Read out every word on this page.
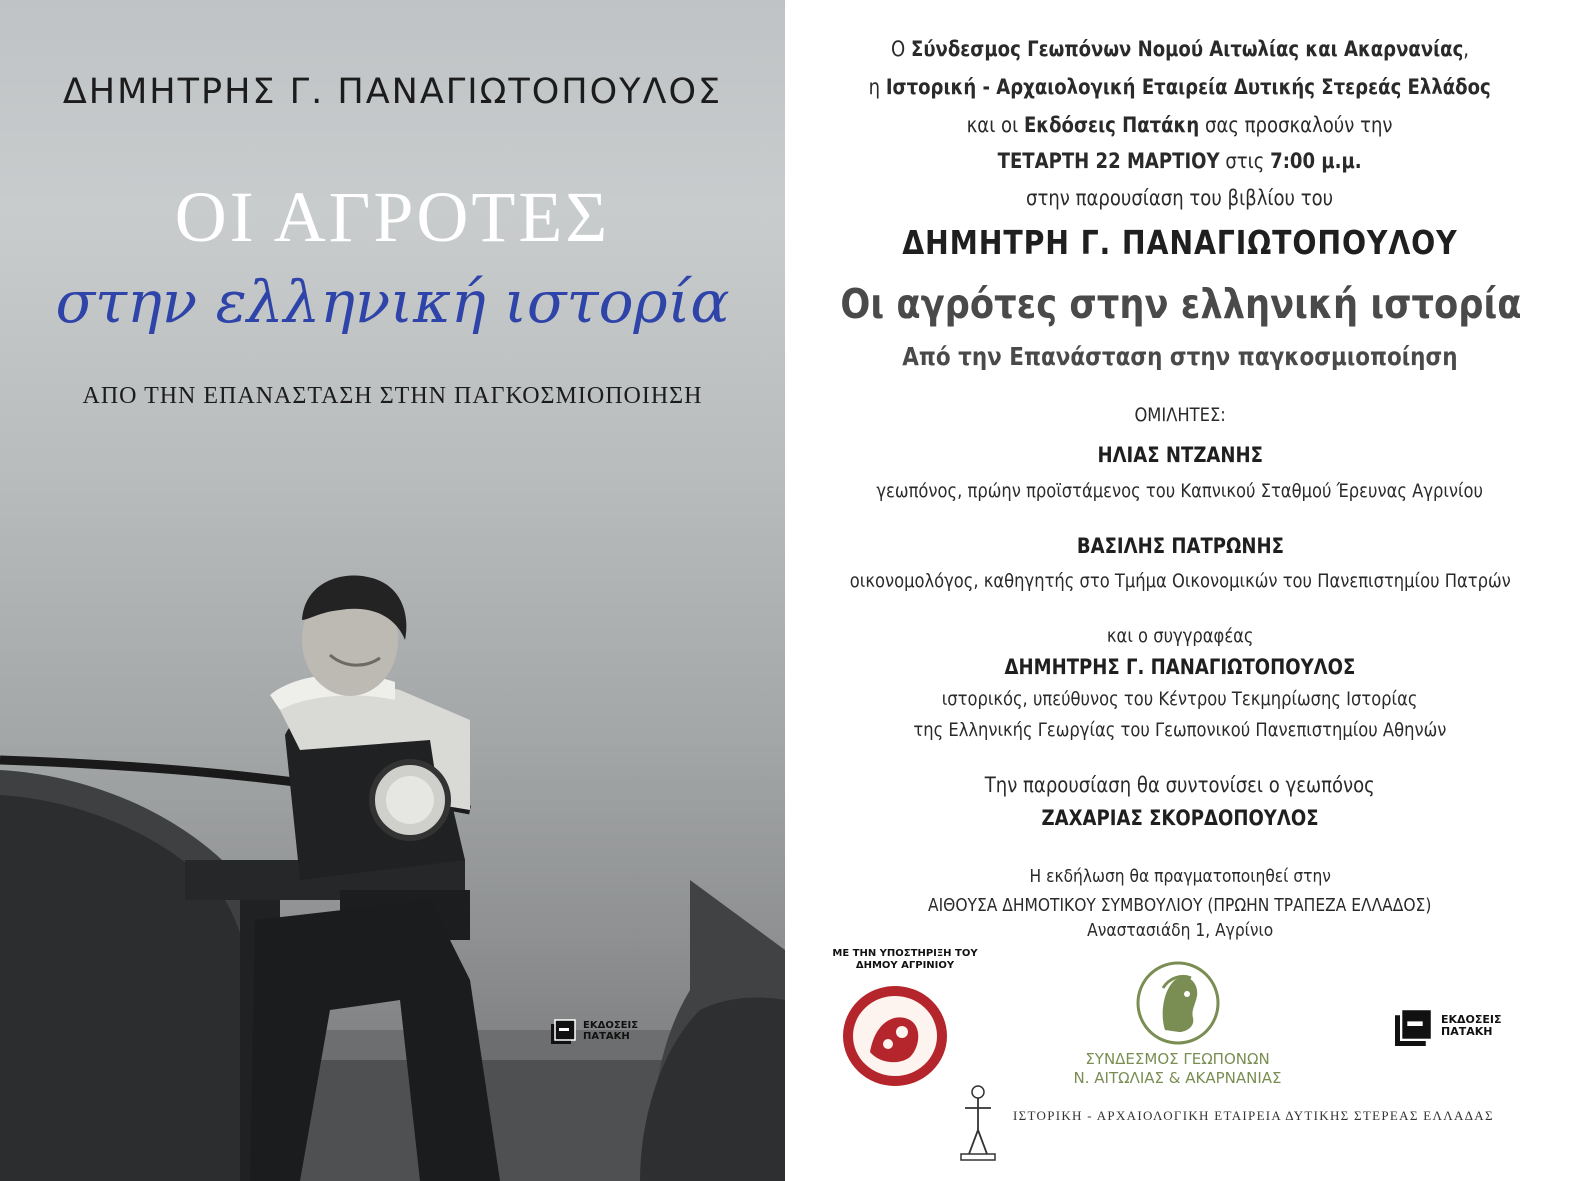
ΔΗΜΗΤΡΗΣ Γ. ΠΑΝΑΓΙΩΤΟΠΟΥΛΟΣ
ΟΙ ΑΓΡΟΤΕΣ
στην ελληνική ιστορία
ΑΠΟ ΤΗΝ ΕΠΑΝΑΣΤΑΣΗ ΣΤΗΝ ΠΑΓΚΟΣΜΙΟΠΟΙΗΣΗ
ΕΚΔΟΣΕΙΣ
ΠΑΤΑΚΗ
Ο Σύνδεσμος Γεωπόνων Νομού Αιτωλίας και Ακαρνανίας,
η Ιστορική - Αρχαιολογική Εταιρεία Δυτικής Στερεάς Ελλάδος
και οι Εκδόσεις Πατάκη σας προσκαλούν την
ΤΕΤΑΡΤΗ 22 ΜΑΡΤΙΟΥ στις 7:00 μ.μ.
στην παρουσίαση του βιβλίου του
ΔΗΜΗΤΡΗ Γ. ΠΑΝΑΓΙΩΤΟΠΟΥΛΟΥ
Οι αγρότες στην ελληνική ιστορία
Από την Επανάσταση στην παγκοσμιοποίηση
ΟΜΙΛΗΤΕΣ:
ΗΛΙΑΣ ΝΤΖΑΝΗΣ
γεωπόνος, πρώην προϊστάμενος του Καπνικού Σταθμού Έρευνας Αγρινίου
ΒΑΣΙΛΗΣ ΠΑΤΡΩΝΗΣ
οικονομολόγος, καθηγητής στο Τμήμα Οικονομικών του Πανεπιστημίου Πατρών
και ο συγγραφέας
ΔΗΜΗΤΡΗΣ Γ. ΠΑΝΑΓΙΩΤΟΠΟΥΛΟΣ
ιστορικός, υπεύθυνος του Κέντρου Τεκμηρίωσης Ιστορίας
της Ελληνικής Γεωργίας του Γεωπονικού Πανεπιστημίου Αθηνών
Την παρουσίαση θα συντονίσει ο γεωπόνος
ΖΑΧΑΡΙΑΣ ΣΚΟΡΔΟΠΟΥΛΟΣ
Η εκδήλωση θα πραγματοποιηθεί στην
ΑΙΘΟΥΣΑ ΔΗΜΟΤΙΚΟΥ ΣΥΜΒΟΥΛΙΟΥ (ΠΡΩΗΝ ΤΡΑΠΕΖΑ ΕΛΛΑΔΟΣ)
Αναστασιάδη 1, Αγρίνιο
ΜΕ ΤΗΝ ΥΠΟΣΤΗΡΙΞΗ ΤΟΥ
ΔΗΜΟΥ ΑΓΡΙΝΙΟΥ
ΣΥΝΔΕΣΜΟΣ ΓΕΩΠΟΝΩΝ
Ν. ΑΙΤΩΛΙΑΣ & ΑΚΑΡΝΑΝΙΑΣ
ΕΚΔΟΣΕΙΣ
ΠΑΤΑΚΗ
ΙΣΤΟΡΙΚΗ - ΑΡΧΑΙΟΛΟΓΙΚΗ ΕΤΑΙΡΕΙΑ ΔΥΤΙΚΗΣ ΣΤΕΡΕΑΣ ΕΛΛΑΔΑΣ
